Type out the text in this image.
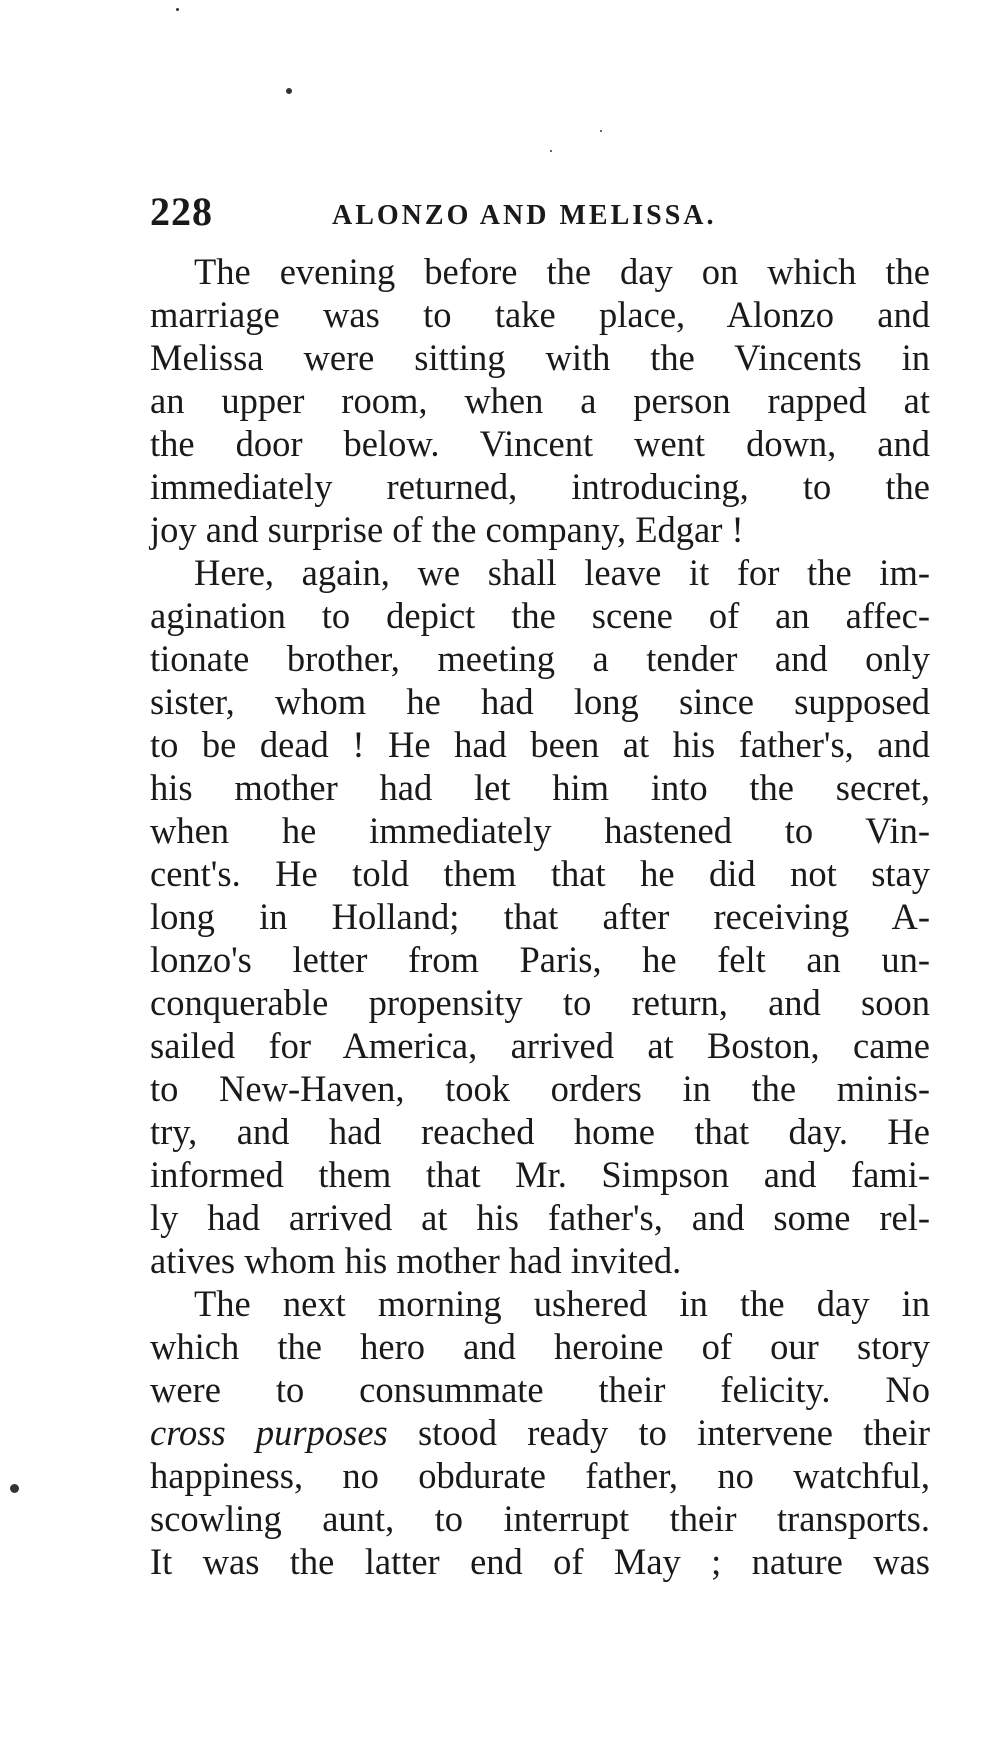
228	ALONZO AND MELISSA.
The evening before the day on which the
marriage was to take place, Alonzo and
Melissa were sitting with the Vincents in
an upper room, when a person rapped at
the door below. Vincent went down, and
immediately returned, introducing, to the
joy and surprise of the company, Edgar !
Here, again, we shall leave it for the im-
agination to depict the scene of an affec-
tionate brother, meeting a tender and only
sister, whom he had long since supposed
to be dead ! He had been at his father's, and
his mother had let him into the secret,
when he immediately hastened to Vin-
cent's. He told them that he did not stay
long in Holland; that after receiving A-
lonzo's letter from Paris, he felt an un-
conquerable propensity to return, and soon
sailed for America, arrived at Boston, came
to New-Haven, took orders in the minis-
try, and had reached home that day. He
informed them that Mr. Simpson and fami-
ly had arrived at his father's, and some rel-
atives whom his mother had invited.
The next morning ushered in the day in
which the hero and heroine of our story
were to consummate their felicity. No
cross purposes stood ready to intervene their
happiness, no obdurate father, no watchful,
scowling aunt, to interrupt their transports.
It was the latter end of May ; nature was
